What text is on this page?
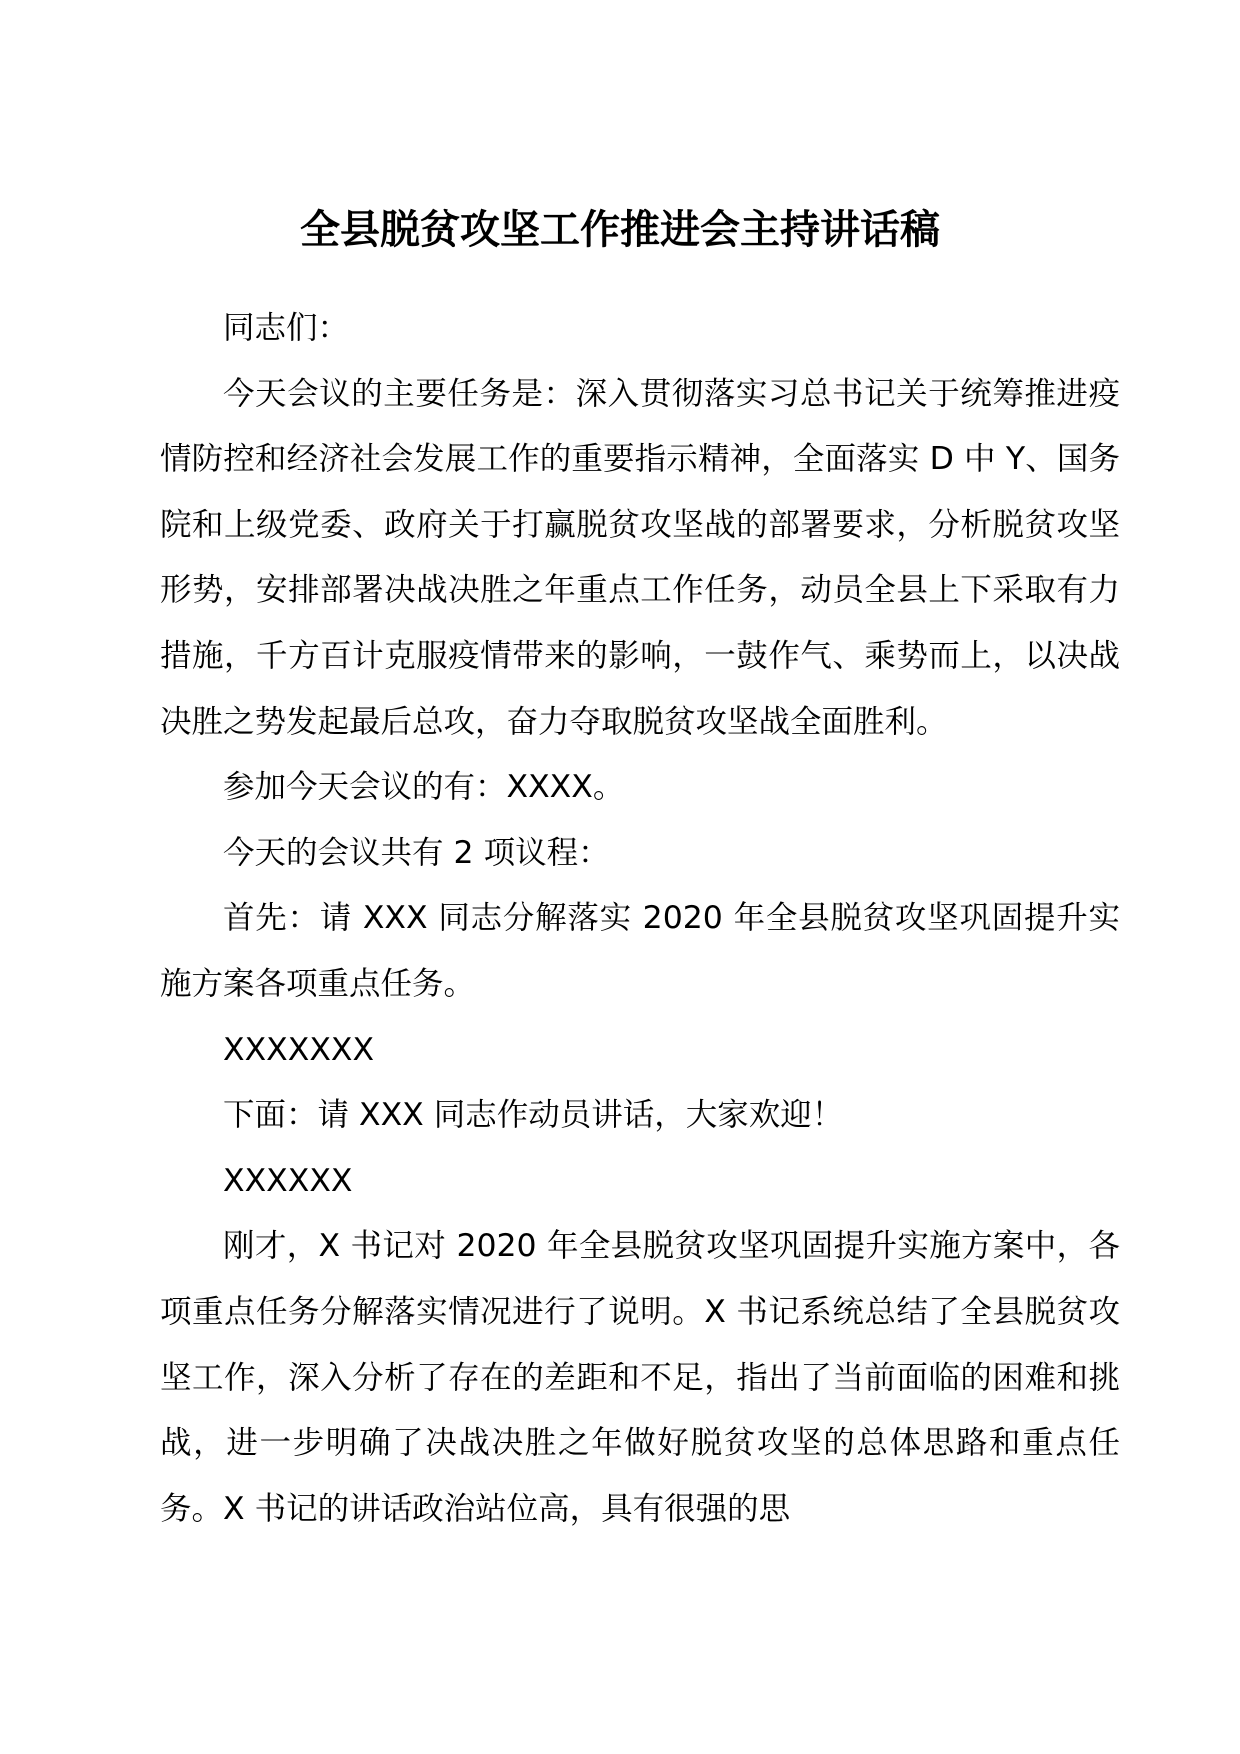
全县脱贫攻坚工作推进会主持讲话稿

同志们：

今天会议的主要任务是：深入贯彻落实习总书记关于统筹推进疫情防控和经济社会发展工作的重要指示精神，全面落实 D 中 Y、国务院和上级党委、政府关于打赢脱贫攻坚战的部署要求，分析脱贫攻坚形势，安排部署决战决胜之年重点工作任务，动员全县上下采取有力措施，千方百计克服疫情带来的影响，一鼓作气、乘势而上，以决战决胜之势发起最后总攻，奋力夺取脱贫攻坚战全面胜利。

参加今天会议的有：XXXX。

今天的会议共有 2 项议程：

首先：请 XXX 同志分解落实 2020 年全县脱贫攻坚巩固提升实施方案各项重点任务。

XXXXXXX

下面：请 XXX 同志作动员讲话，大家欢迎！

XXXXXX

刚才，X 书记对 2020 年全县脱贫攻坚巩固提升实施方案中，各项重点任务分解落实情况进行了说明。X 书记系统总结了全县脱贫攻坚工作，深入分析了存在的差距和不足，指出了当前面临的困难和挑战，进一步明确了决战决胜之年做好脱贫攻坚的总体思路和重点任务。X 书记的讲话政治站位高，具有很强的思
